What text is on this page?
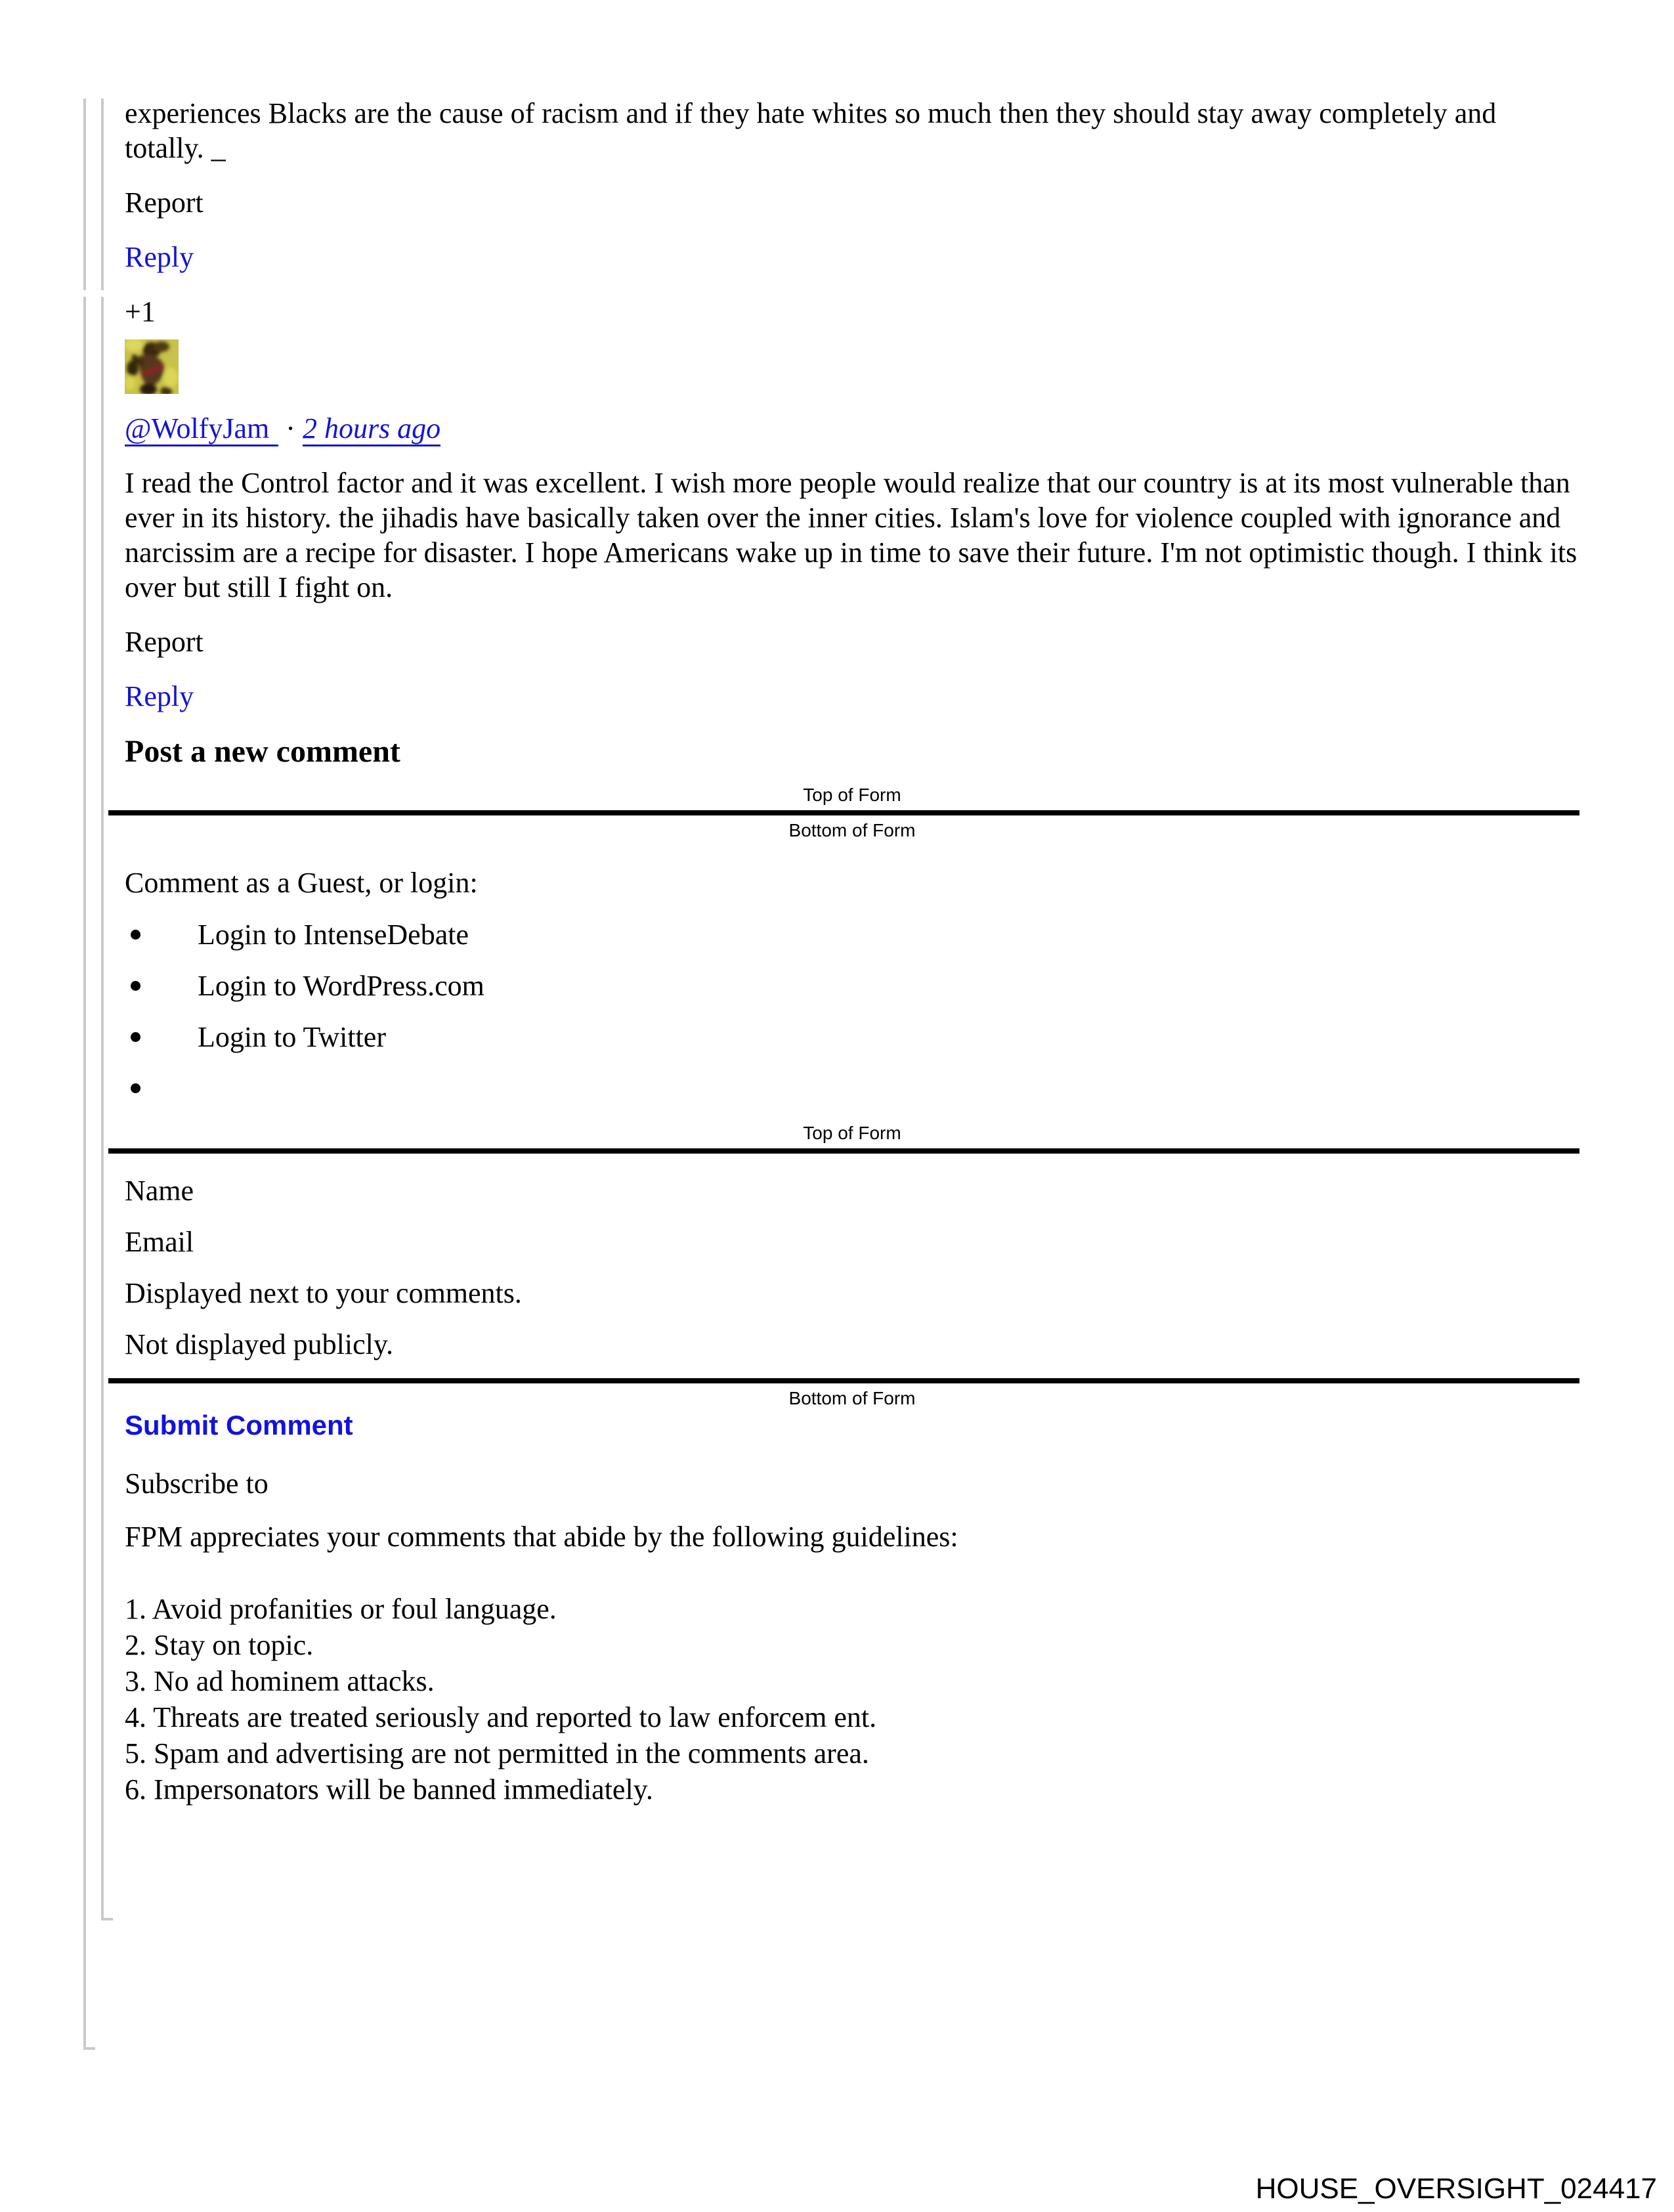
experiences Blacks are the cause of racism and if they hate whites so much then they should stay away completely and totally. _

Report

Reply

+1

@WolfyJam · 2 hours ago

I read the Control factor and it was excellent. I wish more people would realize that our country is at its most vulnerable than ever in its history. the jihadis have basically taken over the inner cities. Islam's love for violence coupled with ignorance and narcissim are a recipe for disaster. I hope Americans wake up in time to save their future. I'm not optimistic though. I think its over but still I fight on.

Report

Reply

Post a new comment

Top of Form

Bottom of Form

Comment as a Guest, or login:

Login to IntenseDebate
Login to WordPress.com
Login to Twitter

Top of Form

Name

Email

Displayed next to your comments.

Not displayed publicly.

Bottom of Form

Submit Comment

Subscribe to

FPM appreciates your comments that abide by the following guidelines:

1. Avoid profanities or foul language.
2. Stay on topic.
3. No ad hominem attacks.
4. Threats are treated seriously and reported to law enforcem ent.
5. Spam and advertising are not permitted in the comments area.
6. Impersonators will be banned immediately.
HOUSE_OVERSIGHT_024417
